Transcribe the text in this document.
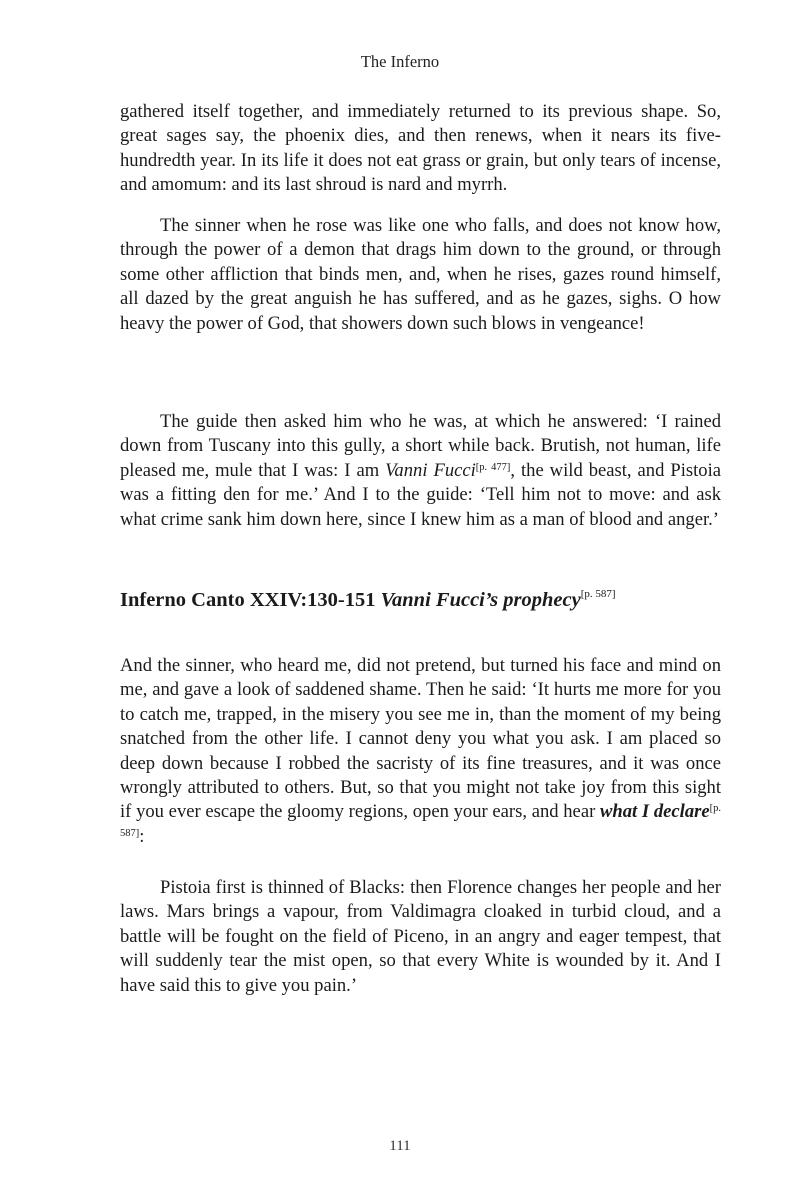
The Inferno

gathered itself together, and immediately returned to its previous shape. So, great sages say, the phoenix dies, and then renews, when it nears its five-hundredth year. In its life it does not eat grass or grain, but only tears of incense, and amomum: and its last shroud is nard and myrrh.

The sinner when he rose was like one who falls, and does not know how, through the power of a demon that drags him down to the ground, or through some other affliction that binds men, and, when he rises, gazes round himself, all dazed by the great anguish he has suffered, and as he gazes, sighs. O how heavy the power of God, that showers down such blows in vengeance!

The guide then asked him who he was, at which he answered: ‘I rained down from Tuscany into this gully, a short while back. Brutish, not human, life pleased me, mule that I was: I am Vanni Fucci[p. 477], the wild beast, and Pistoia was a fitting den for me.’ And I to the guide: ‘Tell him not to move: and ask what crime sank him down here, since I knew him as a man of blood and anger.’

Inferno Canto XXIV:130-151 Vanni Fucci’s prophecy[p. 587]

And the sinner, who heard me, did not pretend, but turned his face and mind on me, and gave a look of saddened shame. Then he said: ‘It hurts me more for you to catch me, trapped, in the misery you see me in, than the moment of my being snatched from the other life. I cannot deny you what you ask. I am placed so deep down because I robbed the sacristy of its fine treasures, and it was once wrongly attributed to others. But, so that you might not take joy from this sight if you ever escape the gloomy regions, open your ears, and hear what I declare[p. 587]:

Pistoia first is thinned of Blacks: then Florence changes her people and her laws. Mars brings a vapour, from Valdimagra cloaked in turbid cloud, and a battle will be fought on the field of Piceno, in an angry and eager tempest, that will suddenly tear the mist open, so that every White is wounded by it. And I have said this to give you pain.’

111
